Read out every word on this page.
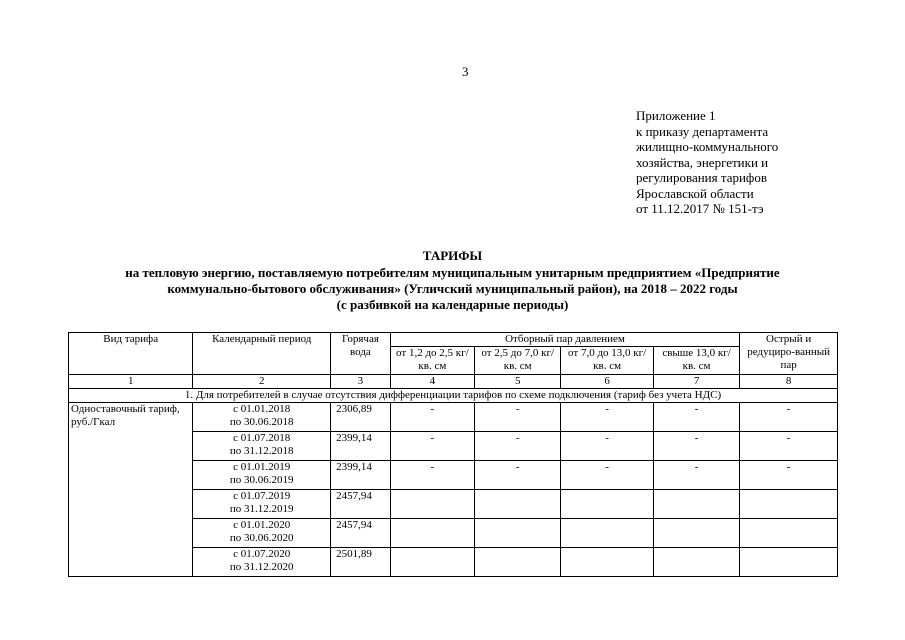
3
Приложение 1
к приказу департамента
жилищно-коммунального
хозяйства, энергетики и
регулирования тарифов
Ярославской области
от 11.12.2017 № 151-тэ
ТАРИФЫ
на тепловую энергию, поставляемую потребителям муниципальным унитарным предприятием «Предприятие
коммунально-бытового обслуживания» (Угличский муниципальный район), на 2018 – 2022 годы
(с разбивкой на календарные периоды)
Вид тарифа	Календарный период	Горячая вода	Отборный пар давлением				Острый и редуциро-ванный пар
			от 1,2 до 2,5 кг/ кв. см	от 2,5 до 7,0 кг/ кв. см	от 7,0 до 13,0 кг/ кв. см	свыше 13,0 кг/ кв. см	
1	2	3	4	5	6	7	8
1. Для потребителей в случае отсутствия дифференциации тарифов по схеме подключения (тариф без учета НДС)							
Одноставочный тариф, руб./Гкал	с 01.01.2018
по 30.06.2018	2306,89	-	-	-	-	-

	с 01.07.2018
по 31.12.2018	2399,14	-	-	-	-	-

	с 01.01.2019
по 30.06.2019	2399,14	-	-	-	-	-

	с 01.07.2019
по 31.12.2019	2457,94					

	с 01.01.2020
по 30.06.2020	2457,94					

	с 01.07.2020
по 31.12.2020	2501,89					
